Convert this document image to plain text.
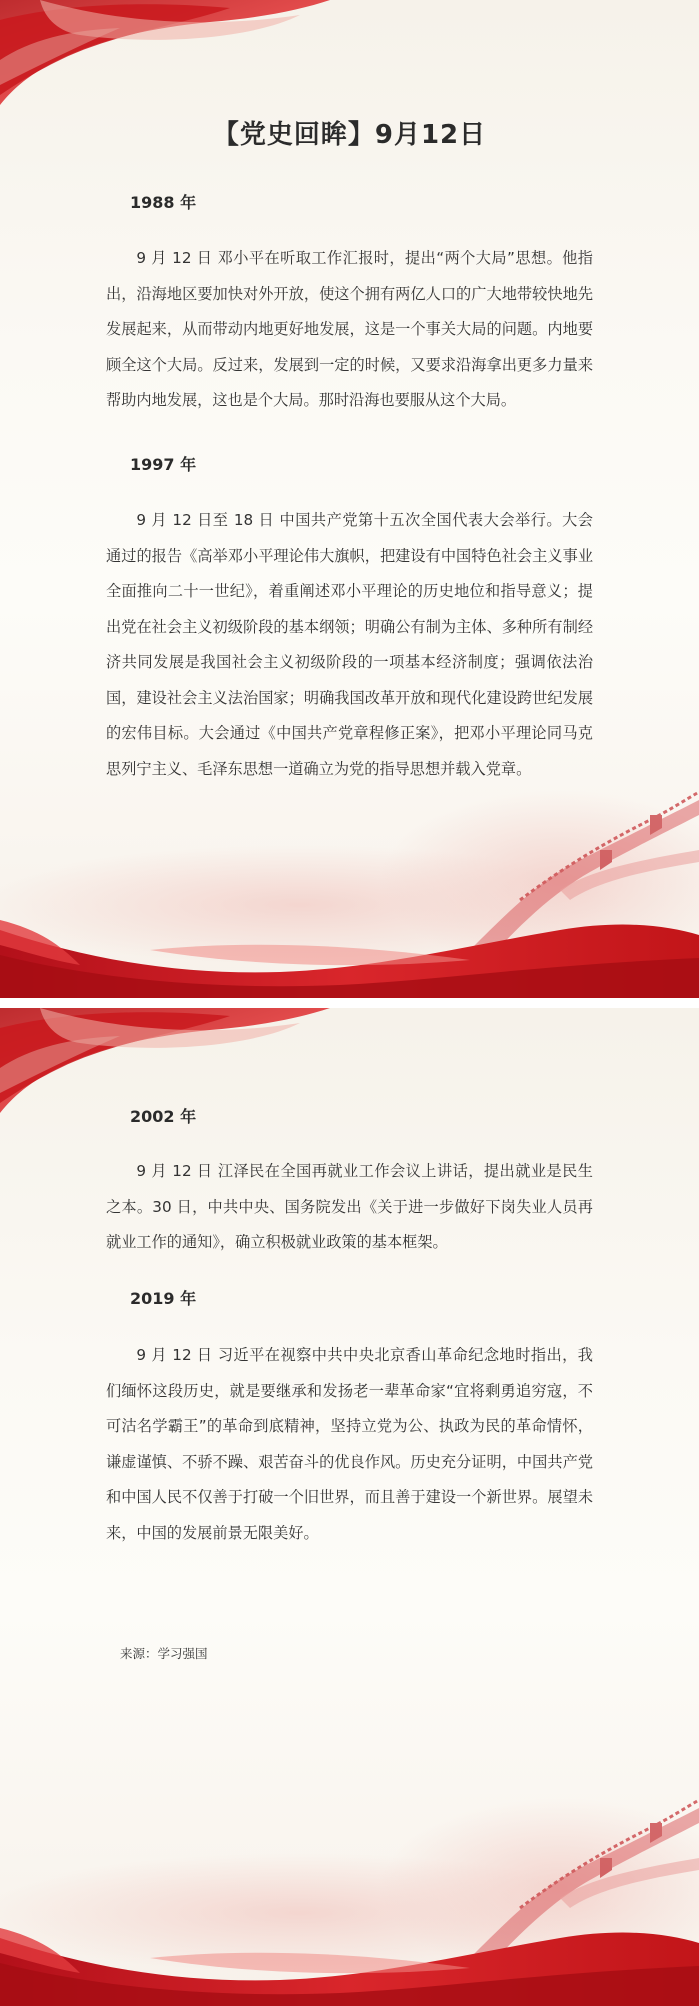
【党史回眸】9月12日
1988 年

9 月 12 日 邓小平在听取工作汇报时，提出“两个大局”思想。他指出，沿海地区要加快对外开放，使这个拥有两亿人口的广大地带较快地先发展起来，从而带动内地更好地发展，这是一个事关大局的问题。内地要顾全这个大局。反过来，发展到一定的时候，又要求沿海拿出更多力量来帮助内地发展，这也是个大局。那时沿海也要服从这个大局。

1997 年

9 月 12 日至 18 日 中国共产党第十五次全国代表大会举行。大会通过的报告《高举邓小平理论伟大旗帜，把建设有中国特色社会主义事业全面推向二十一世纪》，着重阐述邓小平理论的历史地位和指导意义；提出党在社会主义初级阶段的基本纲领；明确公有制为主体、多种所有制经济共同发展是我国社会主义初级阶段的一项基本经济制度；强调依法治国，建设社会主义法治国家；明确我国改革开放和现代化建设跨世纪发展的宏伟目标。大会通过《中国共产党章程修正案》，把邓小平理论同马克思列宁主义、毛泽东思想一道确立为党的指导思想并载入党章。

2002 年

9 月 12 日 江泽民在全国再就业工作会议上讲话，提出就业是民生之本。30 日，中共中央、国务院发出《关于进一步做好下岗失业人员再就业工作的通知》，确立积极就业政策的基本框架。

2019 年

9 月 12 日 习近平在视察中共中央北京香山革命纪念地时指出，我们缅怀这段历史，就是要继承和发扬老一辈革命家“宜将剩勇追穷寇，不可沽名学霸王”的革命到底精神，坚持立党为公、执政为民的革命情怀，谦虚谨慎、不骄不躁、艰苦奋斗的优良作风。历史充分证明，中国共产党和中国人民不仅善于打破一个旧世界，而且善于建设一个新世界。展望未来，中国的发展前景无限美好。

来源：学习强国
